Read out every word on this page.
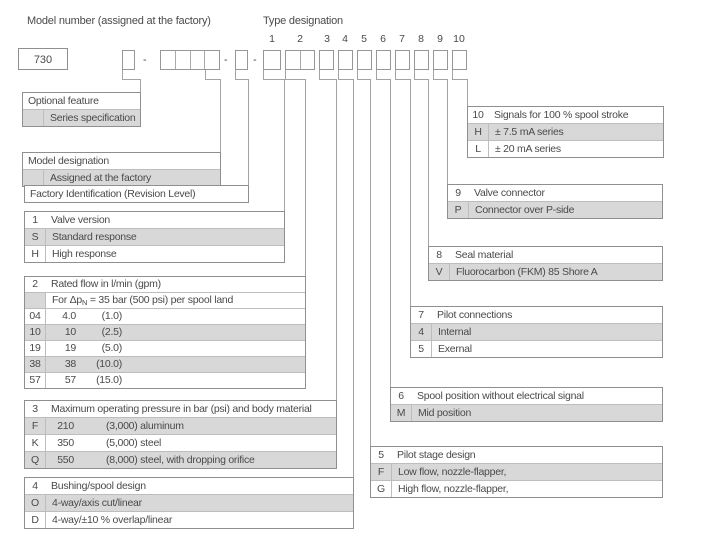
Model number (assigned at the factory)	Type designation
1	2	3	4	5	6	7	8	9 10
730	-	- -
Optional feature
Series specification
Model designation
Assigned at the factory
Factory Identification (Revision Level)
1	Valve version
S	Standard response
H	High response
2	Rated flow in l/min (gpm)
For ΔpN = 35 bar (500 psi) per spool land
04	4.0	(1.0)
10	10	(2.5)
19	19	(5.0)
38	38	(10.0)
57	57	(15.0)
3	Maximum operating pressure in bar (psi) and body material
F	210	(3,000) aluminum
K	350	(5,000) steel
Q	550	(8,000) steel, with dropping orifice
4	Bushing/spool design
O	4-way/axis cut/linear
D	4-way/±10 % overlap/linear
5	Pilot stage design
F	Low flow, nozzle-flapper,
G	High flow, nozzle-flapper,
6	Spool position without electrical signal
M	Mid position
7	Pilot connections
4	Internal
5	Exernal
8	Seal material
V	Fluorocarbon (FKM) 85 Shore A
9	Valve connector
P	Connector over P-side
10 Signals for 100 % spool stroke
H	± 7.5 mA series
L	± 20 mA series
